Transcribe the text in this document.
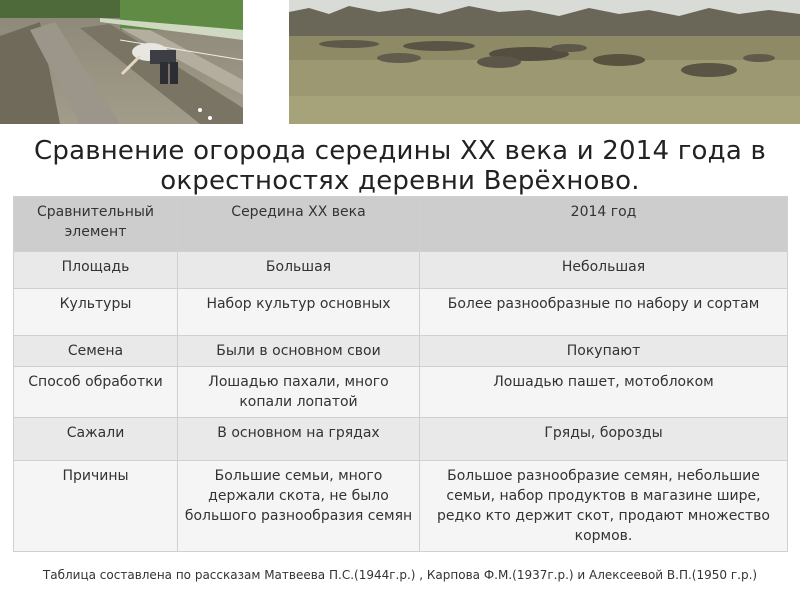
Сравнение огорода середины XX века и 2014 года в окрестностях деревни Верёхново.
Сравнительный элемент	Середина XX века	2014 год
Площадь	Большая	Небольшая
Культуры	Набор культур основных	Более разнообразные по набору и сортам
Семена	Были в основном свои	Покупают
Способ обработки	Лошадью пахали, много копали лопатой	Лошадью пашет, мотоблоком
Сажали	В основном на грядах	Гряды, борозды
Причины	Большие семьи, много держали скота, не было большого разнообразия семян	Большое разнообразие семян, небольшие семьи, набор продуктов в магазине шире, редко кто держит скот, продают множество кормов.
Таблица составлена по рассказам Матвеева П.С.(1944г.р.) , Карпова Ф.М.(1937г.р.) и Алексеевой В.П.(1950 г.р.)
